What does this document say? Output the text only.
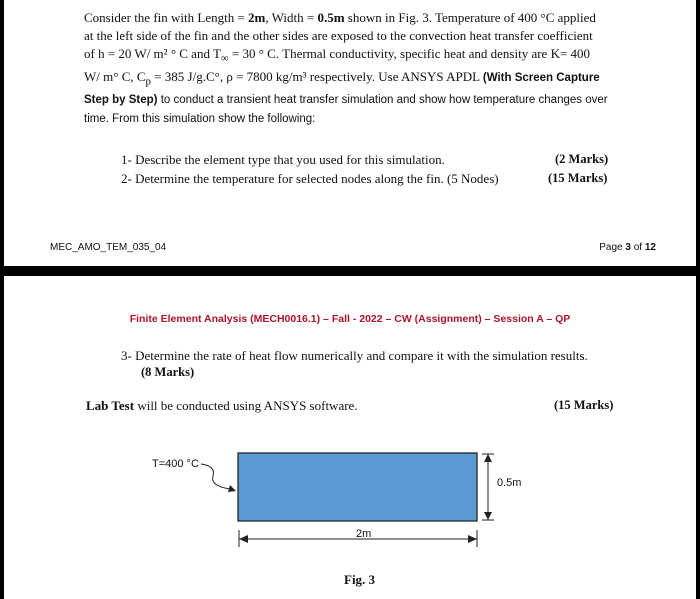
Consider the fin with Length = 2m, Width = 0.5m shown in Fig. 3. Temperature of 400 °C applied
at the left side of the fin and the other sides are exposed to the convection heat transfer coefficient
of h = 20 W/ m² ° C and $T_\infty = 30$ ° C. Thermal conductivity, specific heat and density are K= 400
W/ m° C, $C_p = 385$ J/g.C°, ρ = 7800 kg/m³ respectively. Use ANSYS APDL (With Screen Capture
Step by Step) to conduct a transient heat transfer simulation and show how temperature changes over
time. From this simulation show the following:
1- Describe the element type that you used for this simulation.	(2 Marks)
2- Determine the temperature for selected nodes along the fin. (5 Nodes)	(15 Marks)
MEC_AMO_TEM_035_04	Page 3 of 12
Finite Element Analysis (MECH0016.1) – Fall - 2022 – CW (Assignment) – Session A – QP
3- Determine the rate of heat flow numerically and compare it with the simulation results.
(8 Marks)
Lab Test will be conducted using ANSYS software.	(15 Marks)
T=400 °C
0.5m
2m
Fig. 3
